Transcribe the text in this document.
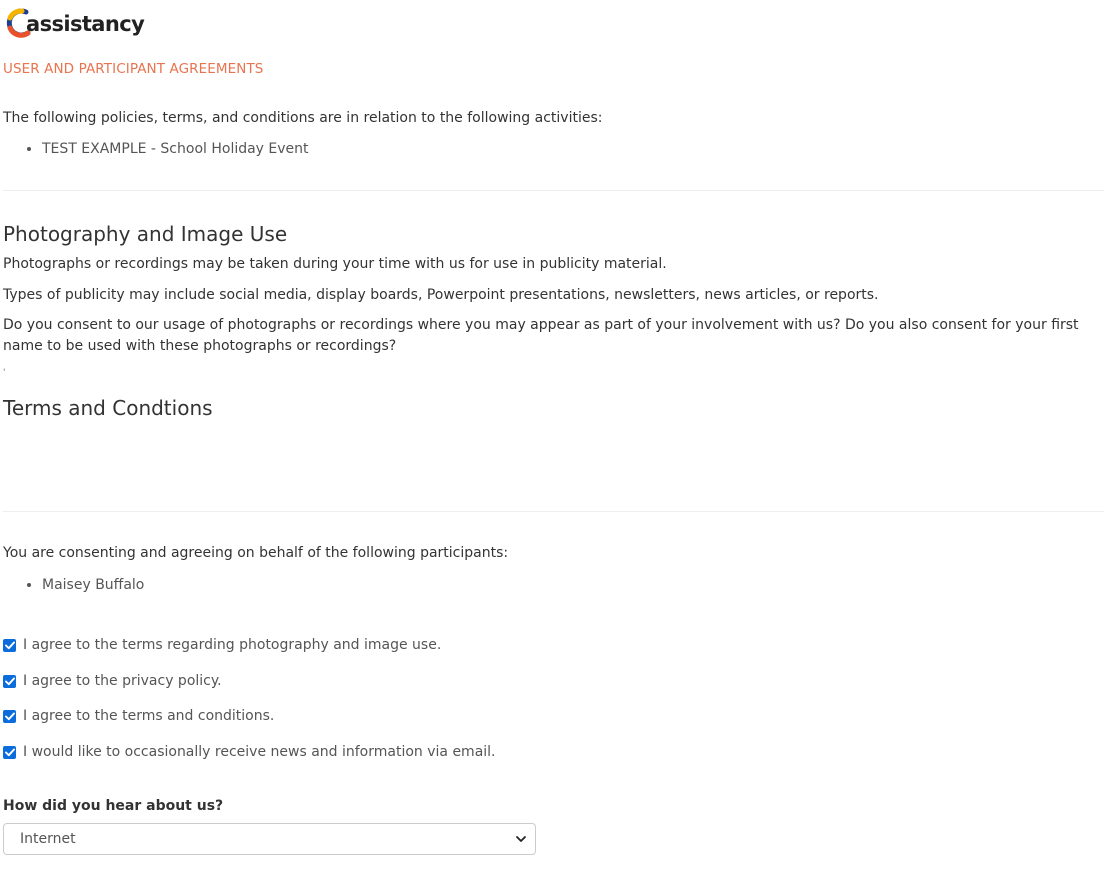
assistancy
USER AND PARTICIPANT AGREEMENTS

The following policies, terms, and conditions are in relation to the following activities:

• TEST EXAMPLE - School Holiday Event
Photography and Image Use

Photographs or recordings may be taken during your time with us for use in publicity material.

Types of publicity may include social media, display boards, Powerpoint presentations, newsletters, news articles, or reports.

Do you consent to our usage of photographs or recordings where you may appear as part of your involvement with us? Do you also consent for your first name to be used with these photographs or recordings?

'
Terms and Condtions

You are consenting and agreeing on behalf of the following participants:

• Maisey Buffalo
I agree to the terms regarding photography and image use.
I agree to the privacy policy.
I agree to the terms and conditions.
I would like to occasionally receive news and information via email.
How did you hear about us?
Internet
